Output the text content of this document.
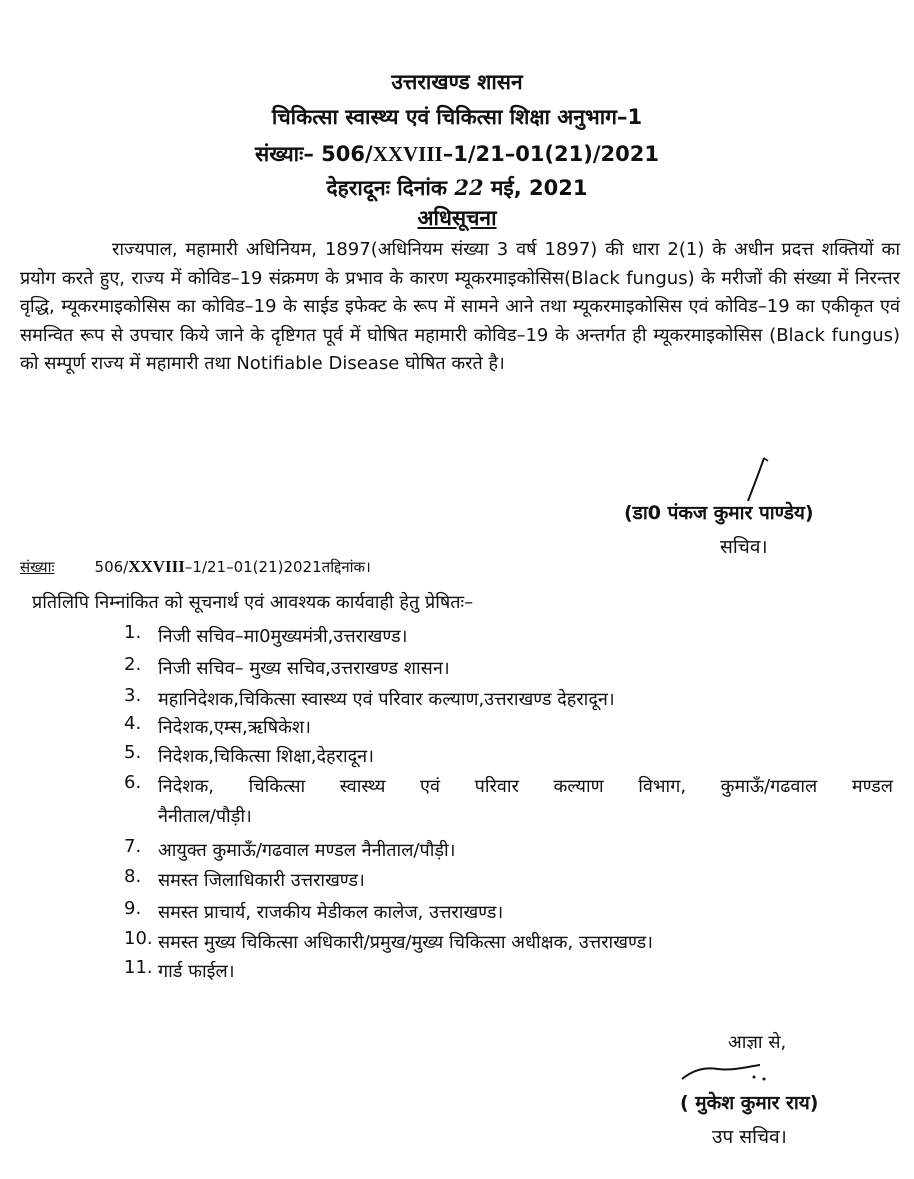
उत्तराखण्ड शासन
चिकित्सा स्वास्थ्य एवं चिकित्सा शिक्षा अनुभाग–1
संख्याः– 506/XXVIII–1/21–01(21)/2021
देहरादूनः दिनांक 22 मई, 2021
अधिसूचना
राज्यपाल, महामारी अधिनियम, 1897(अधिनियम संख्या 3 वर्ष 1897) की धारा 2(1) के अधीन प्रदत्त शक्तियों का प्रयोग करते हुए, राज्य में कोविड–19 संक्रमण के प्रभाव के कारण म्यूकरमाइकोसिस(Black fungus) के मरीजों की संख्या में निरन्तर वृद्धि, म्यूकरमाइकोसिस का कोविड–19 के साईड इफेक्ट के रूप में सामने आने तथा म्यूकरमाइकोसिस एवं कोविड–19 का एकीकृत एवं समन्वित रूप से उपचार किये जाने के दृष्टिगत पूर्व में घोषित महामारी कोविड–19 के अन्तर्गत ही म्यूकरमाइकोसिस (Black fungus) को सम्पूर्ण राज्य में महामारी तथा Notifiable Disease घोषित करते है।
(डा0 पंकज कुमार पाण्डेय)
सचिव।
संख्याः	506/XXVIII–1/21–01(21)2021तद्दिनांक।
प्रतिलिपि निम्नांकित को सूचनार्थ एवं आवश्यक कार्यवाही हेतु प्रेषितः–
1. निजी सचिव–मा0मुख्यमंत्री,उत्तराखण्ड।
2. निजी सचिव– मुख्य सचिव,उत्तराखण्ड शासन।
3. महानिदेशक,चिकित्सा स्वास्थ्य एवं परिवार कल्याण,उत्तराखण्ड देहरादून।
4. निदेशक,एम्स,ऋषिकेश।
5. निदेशक,चिकित्सा शिक्षा,देहरादून।
6. निदेशक, चिकित्सा स्वास्थ्य एवं परिवार कल्याण विभाग, कुमाऊँ/गढवाल मण्डल
नैनीताल/पौड़ी।
7. आयुक्त कुमाऊँ/गढवाल मण्डल नैनीताल/पौड़ी।
8. समस्त जिलाधिकारी उत्तराखण्ड।
9. समस्त प्राचार्य, राजकीय मेडीकल कालेज, उत्तराखण्ड।
10. समस्त मुख्य चिकित्सा अधिकारी/प्रमुख/मुख्य चिकित्सा अधीक्षक, उत्तराखण्ड।
11. गार्ड फाईल।
आज्ञा से,
( मुकेश कुमार राय)
उप सचिव।
